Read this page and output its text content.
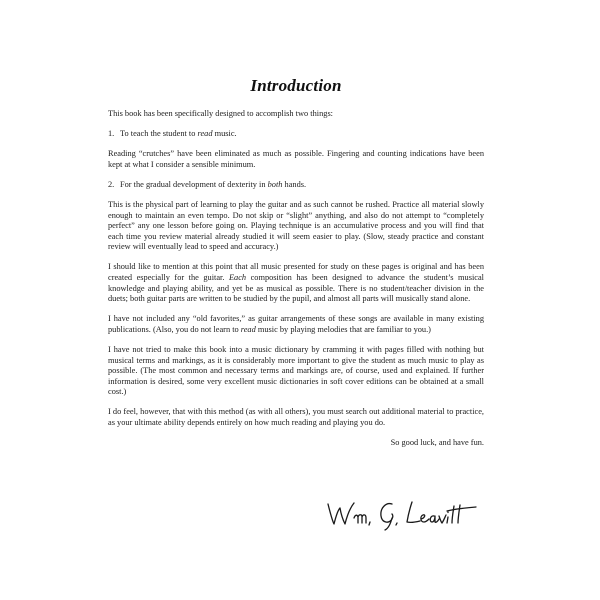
Introduction

This book has been specifically designed to accomplish two things:

1. To teach the student to read music.

Reading “crutches” have been eliminated as much as possible. Fingering and counting indications have been kept at what I consider a sensible minimum.

2. For the gradual development of dexterity in both hands.

This is the physical part of learning to play the guitar and as such cannot be rushed. Practice all material slowly enough to maintain an even tempo. Do not skip or “slight” anything, and also do not attempt to “completely perfect” any one lesson before going on. Playing technique is an accumulative process and you will find that each time you review material already studied it will seem easier to play. (Slow, steady practice and constant review will eventually lead to speed and accuracy.)

I should like to mention at this point that all music presented for study on these pages is original and has been created especially for the guitar. Each composition has been designed to advance the student’s musical knowledge and playing ability, and yet be as musical as possible. There is no student/teacher division in the duets; both guitar parts are written to be studied by the pupil, and almost all parts will musically stand alone.

I have not included any “old favorites,” as guitar arrangements of these songs are available in many existing publications. (Also, you do not learn to read music by playing melodies that are familiar to you.)

I have not tried to make this book into a music dictionary by cramming it with pages filled with nothing but musical terms and markings, as it is considerably more important to give the student as much music to play as possible. (The most common and necessary terms and markings are, of course, used and explained. If further information is desired, some very excellent music dictionaries in soft cover editions can be obtained at a small cost.)

I do feel, however, that with this method (as with all others), you must search out additional material to practice, as your ultimate ability depends entirely on how much reading and playing you do.

So good luck, and have fun.
